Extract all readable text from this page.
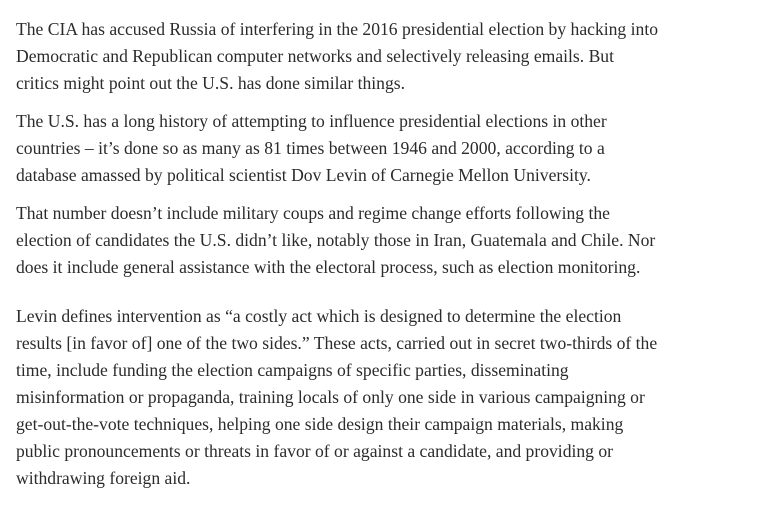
The CIA has accused Russia of interfering in the 2016 presidential election by hacking into
Democratic and Republican computer networks and selectively releasing emails. But
critics might point out the U.S. has done similar things.

The U.S. has a long history of attempting to influence presidential elections in other
countries – it’s done so as many as 81 times between 1946 and 2000, according to a
database amassed by political scientist Dov Levin of Carnegie Mellon University.

That number doesn’t include military coups and regime change efforts following the
election of candidates the U.S. didn’t like, notably those in Iran, Guatemala and Chile. Nor
does it include general assistance with the electoral process, such as election monitoring.

Levin defines intervention as “a costly act which is designed to determine the election
results [in favor of] one of the two sides.” These acts, carried out in secret two-thirds of the
time, include funding the election campaigns of specific parties, disseminating
misinformation or propaganda, training locals of only one side in various campaigning or
get-out-the-vote techniques, helping one side design their campaign materials, making
public pronouncements or threats in favor of or against a candidate, and providing or
withdrawing foreign aid.
